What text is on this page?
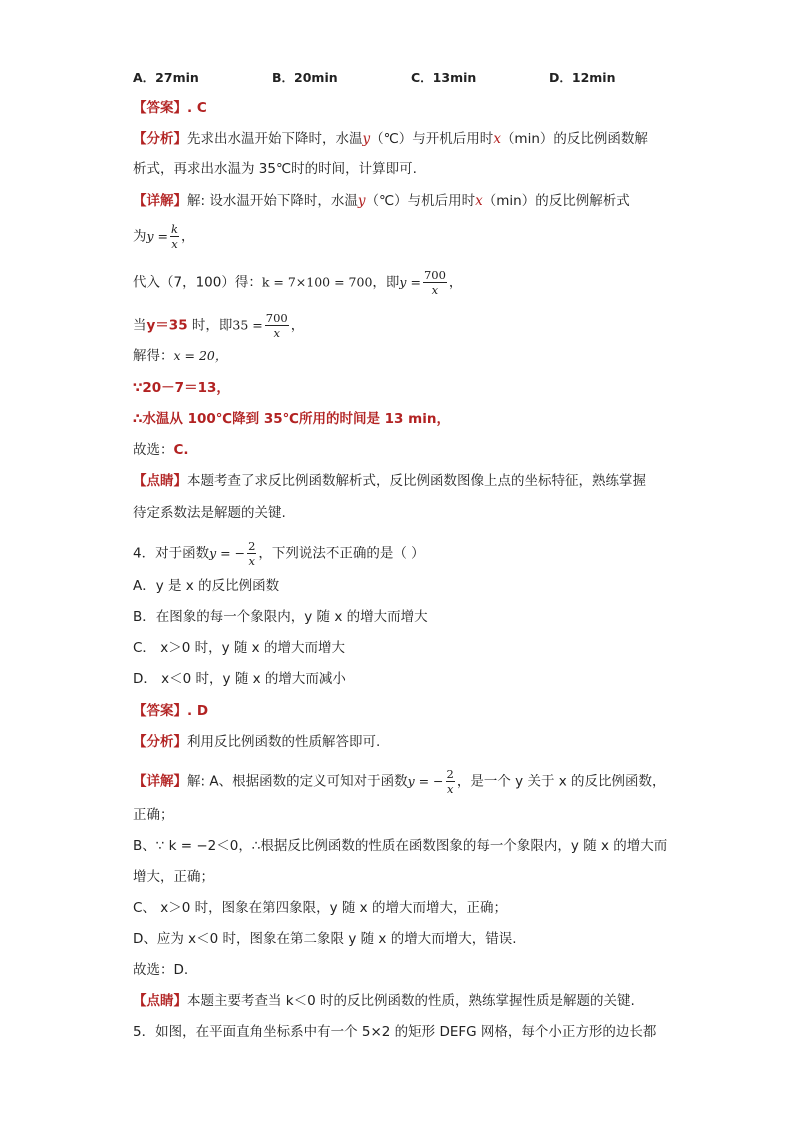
A．27min	B．20min	C．13min	D．12min
【答案】. C
【分析】先求出水温开始下降时，水温y（℃）与开机后用时x（min）的反比例函数解
析式，再求出水温为 35℃时的时间，计算即可.
【详解】解: 设水温开始下降时，水温y（℃）与机后用时x（min）的反比例解析式
为$y = \frac{k}{x}$ ，
代入（7，100）得：k = 7×100 = 700，即$y = \frac{700}{x}$ ，
当y＝35 时，即$35 = \frac{700}{x}$ ，
解得：x = 20，
∵20－7＝13，
∴水温从 100℃降到 35℃所用的时间是 13 min，
故选：C.
【点睛】本题考查了求反比例函数解析式，反比例函数图像上点的坐标特征，熟练掌握
待定系数法是解题的关键.
4．对于函数y = − $\frac{2}{x}$ ，下列说法不正确的是（ ）
A．y 是 x 的反比例函数
B．在图象的每一个象限内，y 随 x 的增大而增大
C． x＞0 时，y 随 x 的增大而增大
D． x＜0 时，y 随 x 的增大而减小
【答案】. D
【分析】利用反比例函数的性质解答即可.
【详解】解: A、根据函数的定义可知对于函数y = − $\frac{2}{x}$ ，是一个 y 关于 x 的反比例函数，
正确；
B、∵ k = −2＜0，∴根据反比例函数的性质在函数图象的每一个象限内，y 随 x 的增大而
增大，正确；
C、 x＞0 时，图象在第四象限，y 随 x 的增大而增大，正确；
D、应为 x＜0 时，图象在第二象限 y 随 x 的增大而增大，错误.
故选：D.
【点睛】本题主要考查当 k＜0 时的反比例函数的性质，熟练掌握性质是解题的关键.
5．如图，在平面直角坐标系中有一个 5×2 的矩形 DEFG 网格，每个小正方形的边长都
